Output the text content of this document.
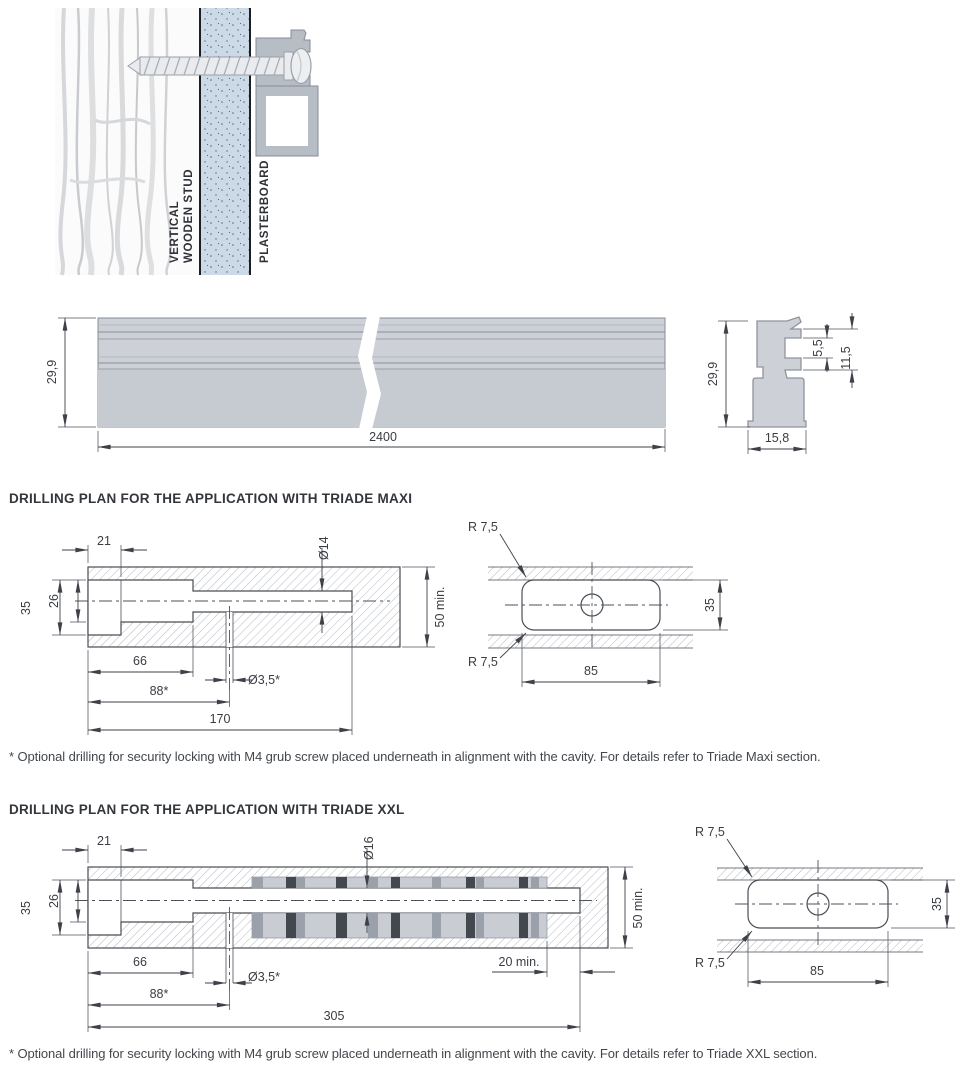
VERTICAL WOODEN STUD	PLASTERBOARD
29,9
2400
29,9
5,5 11,5
15,8
21
35
26
Ø14
50 min.
66
88*
Ø3,5*
170
R 7,5
R 7,5
35
85
21
35
26
Ø16
50 min.
66	20 min.
88*
Ø3,5*
305
R 7,5
R 7,5
35
85
DRILLING PLAN FOR THE APPLICATION WITH TRIADE MAXI
* Optional drilling for security locking with M4 grub screw placed underneath in alignment with the cavity. For details refer to Triade Maxi section.
DRILLING PLAN FOR THE APPLICATION WITH TRIADE XXL
* Optional drilling for security locking with M4 grub screw placed underneath in alignment with the cavity. For details refer to Triade XXL section.
